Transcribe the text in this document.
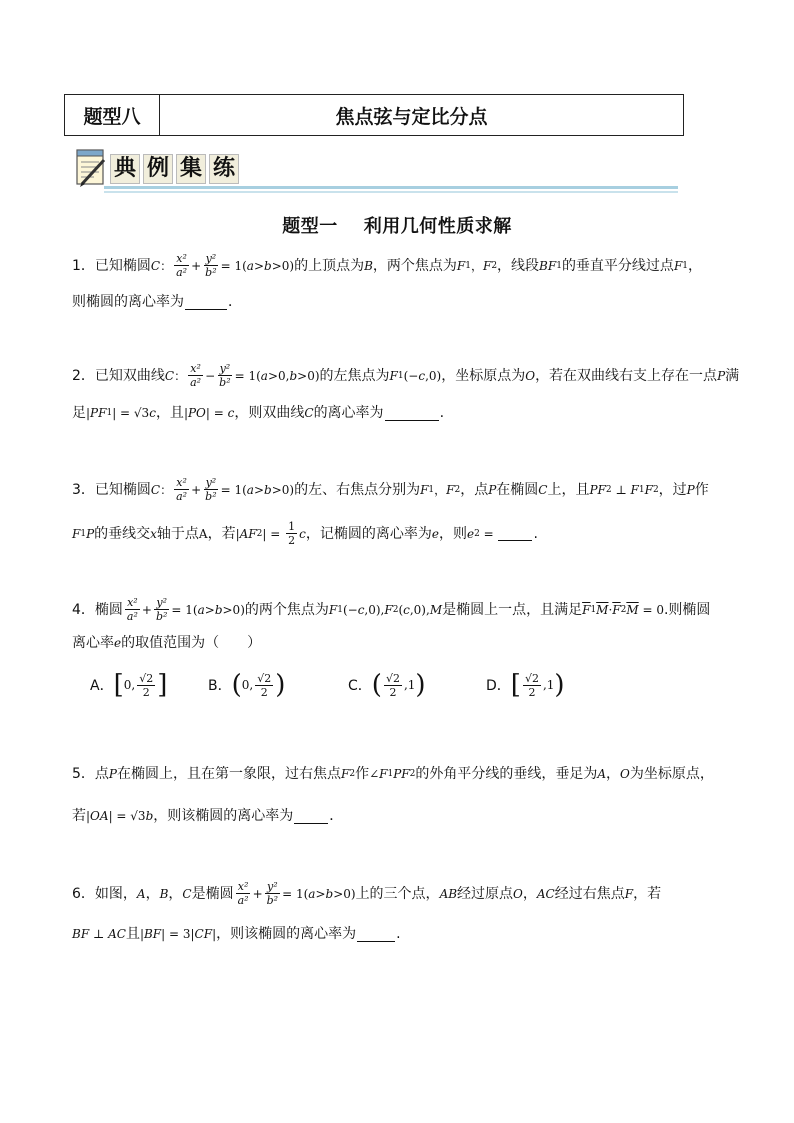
题型八	焦点弦与定比分点
典 例 集 练
题型一 利用几何性质求解
1．已知椭圆 C ： $\frac{\text{x²}}{\text{a²}} + \frac{\text{y²}}{\text{b²}} = 1$( a > b >0) 的上顶点为 B ，两个焦点为 F 1 ， F 2 ，线段 BF 1 的垂直平分线过点 F 1 ，
则椭圆的离心率为	．
2．已知双曲线 C ： $\frac{\text{x²}}{\text{a²}} - \frac{\text{y²}}{\text{b²}} = 1$( a >0, b >0) 的左焦点为 F 1 (− c ,0) ，坐标原点为 O ，若在双曲线右支上存在一点 P 满
足 | PF 1 | = √3 c ，且 | PO | = c ，则双曲线 C 的离心率为	.
3．已知椭圆 C ： $\frac{\text{x²}}{\text{a²}} + \frac{\text{y²}}{\text{b²}} = 1$( a > b >0) 的左、右焦点分别为 F 1 ， F 2 ，点 P 在椭圆 C 上，且 PF 2 ⊥ F 1 F 2 ，过 P 作
F 1 P 的垂线交 x 轴于点 A ，若 | AF 2 | = $\frac{1}{2}$ c ，记椭圆的离心率为 e ，则 e 2 =	.
4．椭圆 $\frac{\text{x²}}{\text{a²}} + \frac{\text{y²}}{\text{b²}} = 1$( a > b >0) 的两个焦点为 F 1 (− c ,0), F 2 ( c ,0), M 是椭圆上一点，且满足 $\overline{F}$ 1 $\overline{M} \cdot \overline{F}$ 2 $\overline{M} = 0$ .则椭圆
离心率 e 的取值范围为（　　）
A． [ 0, $\frac{√2}{2}$ ]	B． ( 0, $\frac{√2}{2}$ )	C． ( $\frac{√2}{2} ,1$ )	D． [ $\frac{√2}{2} ,1$ )
5．点 P 在椭圆上，且在第一象限，过右焦点 F 2 作 ∠ F 1 PF 2 的外角平分线的垂线，垂足为 A ， O 为坐标原点，
若 | OA | = √3 b ，则该椭圆的离心率为	．
6．如图， A ， B ， C 是椭圆 $\frac{\text{x²}}{\text{a²}} + \frac{\text{y²}}{\text{b²}} = 1$( a > b >0) 上的三个点， AB 经过原点 O ， AC 经过右焦点 F ，若
BF ⊥ AC 且 | BF | = 3| CF | ，则该椭圆的离心率为	.
